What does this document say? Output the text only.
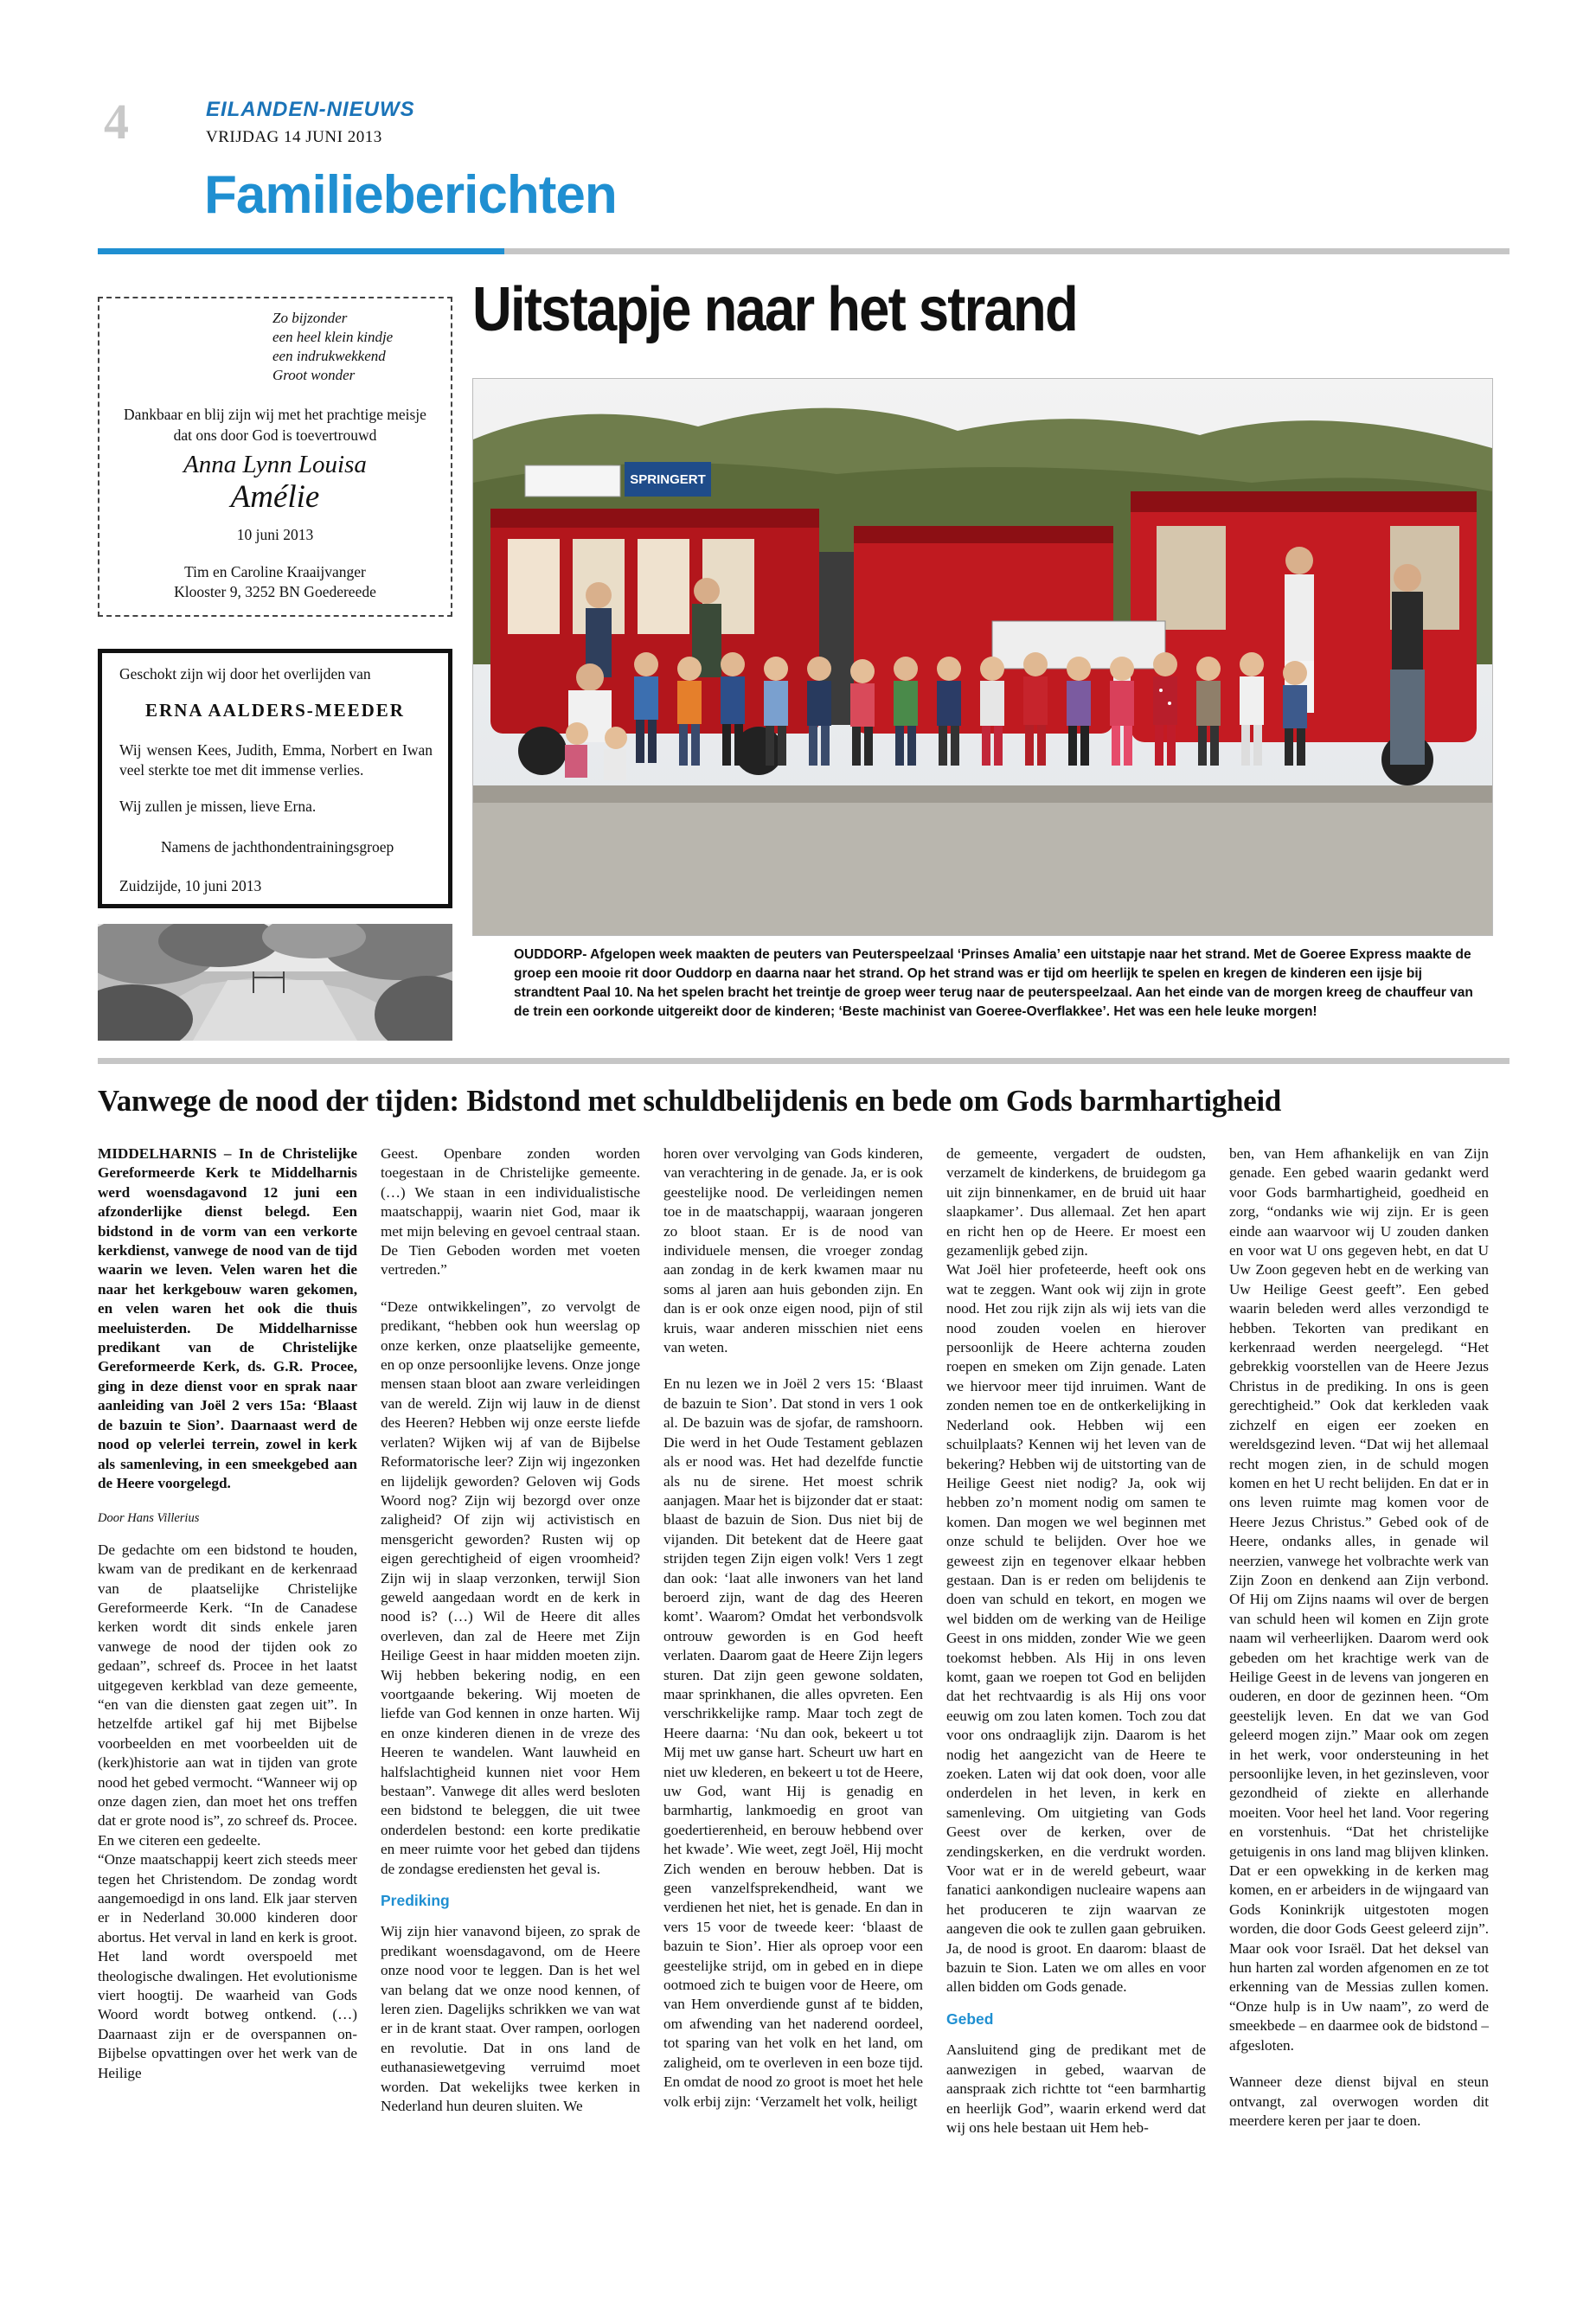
4	EILANDEN-NIEUWS
VRIJDAG 14 JUNI 2013
Familieberichten
Zo bijzonder
een heel klein kindje
een indrukwekkend
Groot wonder
Dankbaar en blij zijn wij met het prachtige meisje dat ons door God is toevertrouwd
Anna Lynn Louisa
Amélie
10 juni 2013
Tim en Caroline Kraaijvanger
Klooster 9, 3252 BN Goedereede

Geschokt zijn wij door het overlijden van

ERNA AALDERS-MEEDER

Wij wensen Kees, Judith, Emma, Norbert en Iwan veel sterkte toe met dit immense verlies.

Wij zullen je missen, lieve Erna.

Namens de jachthondentrainingsgroep

Zuidzijde, 10 juni 2013

Uitstapje naar het strand
SPRINGERT
OUDDORP- Afgelopen week maakten de peuters van Peuterspeelzaal ‘Prinses Amalia’ een uitstapje naar het strand. Met de Goeree Express maakte de groep een mooie rit door Ouddorp en daarna naar het strand. Op het strand was er tijd om heerlijk te spelen en kregen de kinderen een ijsje bij strandtent Paal 10. Na het spelen bracht het treintje de groep weer terug naar de peuterspeelzaal. Aan het einde van de morgen kreeg de chauffeur van de trein een oorkonde uitgereikt door de kinderen; ‘Beste machinist van Goeree-Overflakkee’. Het was een hele leuke morgen!
Vanwege de nood der tijden: Bidstond met schuldbelijdenis en bede om Gods barmhartigheid

MIDDELHARNIS – In de Christelijke Gereformeerde Kerk te Middelharnis werd woensdagavond 12 juni een afzonderlijke dienst belegd. Een bidstond in de vorm van een verkorte kerkdienst, vanwege de nood van de tijd waarin we leven. Velen waren het die naar het kerkgebouw waren gekomen, en velen waren het ook die thuis meeluisterden. De Middelharnisse predikant van de Christelijke Gereformeerde Kerk, ds. G.R. Procee, ging in deze dienst voor en sprak naar aanleiding van Joël 2 vers 15a: ‘Blaast de bazuin te Sion’. Daarnaast werd de nood op velerlei terrein, zowel in kerk als samenleving, in een smeekgebed aan de Heere voorgelegd.

Door Hans Villerius

De gedachte om een bidstond te houden, kwam van de predikant en de kerkenraad van de plaatselijke Christelijke Gereformeerde Kerk. “In de Canadese kerken wordt dit sinds enkele jaren vanwege de nood der tijden ook zo gedaan”, schreef ds. Procee in het laatst uitgegeven kerkblad van deze gemeente, “en van die diensten gaat zegen uit”. In hetzelfde artikel gaf hij met Bijbelse voorbeelden en met voorbeelden uit de (kerk)historie aan wat in tijden van grote nood het gebed vermocht. “Wanneer wij op onze dagen zien, dan moet het ons treffen dat er grote nood is”, zo schreef ds. Procee. En we citeren een gedeelte.

“Onze maatschappij keert zich steeds meer tegen het Christendom. De zondag wordt aangemoedigd in ons land. Elk jaar sterven er in Nederland 30.000 kinderen door abortus. Het verval in land en kerk is groot. Het land wordt overspoeld met theologische dwalingen. Het evolutionisme viert hoogtij. De waarheid van Gods Woord wordt botweg ontkend. (…) Daarnaast zijn er de overspannen on-Bijbelse opvattingen over het werk van de Heilige

Geest. Openbare zonden worden toegestaan in de Christelijke gemeente. (…) We staan in een individualistische maatschappij, waarin niet God, maar ik met mijn beleving en gevoel centraal staan. De Tien Geboden worden met voeten vertreden.”

“Deze ontwikkelingen”, zo vervolgt de predikant, “hebben ook hun weerslag op onze kerken, onze plaatselijke gemeente, en op onze persoonlijke levens. Onze jonge mensen staan bloot aan zware verleidingen van de wereld. Zijn wij lauw in de dienst des Heeren? Hebben wij onze eerste liefde verlaten? Wijken wij af van de Bijbelse Reformatorische leer? Zijn wij ingezonken en lijdelijk geworden? Geloven wij Gods Woord nog? Zijn wij bezorgd over onze zaligheid? Of zijn wij activistisch en mensgericht geworden? Rusten wij op eigen gerechtigheid of eigen vroomheid? Zijn wij in slaap verzonken, terwijl Sion geweld aangedaan wordt en de kerk in nood is? (…) Wil de Heere dit alles overleven, dan zal de Heere met Zijn Heilige Geest in haar midden moeten zijn. Wij hebben bekering nodig, en een voortgaande bekering. Wij moeten de liefde van God kennen in onze harten. Wij en onze kinderen dienen in de vreze des Heeren te wandelen. Want lauwheid en halfslachtigheid kunnen niet voor Hem bestaan”. Vanwege dit alles werd besloten een bidstond te beleggen, die uit twee onderdelen bestond: een korte predikatie en meer ruimte voor het gebed dan tijdens de zondagse erediensten het geval is.

Prediking

Wij zijn hier vanavond bijeen, zo sprak de predikant woensdagavond, om de Heere onze nood voor te leggen. Dan is het wel van belang dat we onze nood kennen, of leren zien. Dagelijks schrikken we van wat er in de krant staat. Over rampen, oorlogen en revolutie. Dat in ons land de euthanasiewetgeving verruimd moet worden. Dat wekelijks twee kerken in Nederland hun deuren sluiten. We

horen over vervolging van Gods kinderen, van verachtering in de genade. Ja, er is ook geestelijke nood. De verleidingen nemen toe in de maatschappij, waaraan jongeren zo bloot staan. Er is de nood van individuele mensen, die vroeger zondag aan zondag in de kerk kwamen maar nu soms al jaren aan huis gebonden zijn. En dan is er ook onze eigen nood, pijn of stil kruis, waar anderen misschien niet eens van weten.

En nu lezen we in Joël 2 vers 15: ‘Blaast de bazuin te Sion’. Dat stond in vers 1 ook al. De bazuin was de sjofar, de ramshoorn. Die werd in het Oude Testament geblazen als er nood was. Het had dezelfde functie als nu de sirene. Het moest schrik aanjagen. Maar het is bijzonder dat er staat: blaast de bazuin de Sion. Dus niet bij de vijanden. Dit betekent dat de Heere gaat strijden tegen Zijn eigen volk! Vers 1 zegt dan ook: ‘laat alle inwoners van het land beroerd zijn, want de dag des Heeren komt’. Waarom? Omdat het verbondsvolk ontrouw geworden is en God heeft verlaten. Daarom gaat de Heere Zijn legers sturen. Dat zijn geen gewone soldaten, maar sprinkhanen, die alles opvreten. Een verschrikkelijke ramp. Maar toch zegt de Heere daarna: ‘Nu dan ook, bekeert u tot Mij met uw ganse hart. Scheurt uw hart en niet uw klederen, en bekeert u tot de Heere, uw God, want Hij is genadig en barmhartig, lankmoedig en groot van goedertierenheid, en berouw hebbend over het kwade’. Wie weet, zegt Joël, Hij mocht Zich wenden en berouw hebben. Dat is geen vanzelfsprekendheid, want we verdienen het niet, het is genade. En dan in vers 15 voor de tweede keer: ‘blaast de bazuin te Sion’. Hier als oproep voor een geestelijke strijd, om in gebed en in diepe ootmoed zich te buigen voor de Heere, om van Hem onverdiende gunst af te bidden, om afwending van het naderend oordeel, tot sparing van het volk en het land, om zaligheid, om te overleven in een boze tijd. En omdat de nood zo groot is moet het hele volk erbij zijn: ‘Verzamelt het volk, heiligt

de gemeente, vergadert de oudsten, verzamelt de kinderkens, de bruidegom ga uit zijn binnenkamer, en de bruid uit haar slaapkamer’. Dus allemaal. Zet hen apart en richt hen op de Heere. Er moest een gezamenlijk gebed zijn.

Wat Joël hier profeteerde, heeft ook ons wat te zeggen. Want ook wij zijn in grote nood. Het zou rijk zijn als wij iets van die nood zouden voelen en hierover persoonlijk de Heere achterna zouden roepen en smeken om Zijn genade. Laten we hiervoor meer tijd inruimen. Want de zonden nemen toe en de ontkerkelijking in Nederland ook. Hebben wij een schuilplaats? Kennen wij het leven van de bekering? Hebben wij de uitstorting van de Heilige Geest niet nodig? Ja, ook wij hebben zo’n moment nodig om samen te komen. Dan mogen we wel beginnen met onze schuld te belijden. Over hoe we geweest zijn en tegenover elkaar hebben gestaan. Dan is er reden om belijdenis te doen van schuld en tekort, en mogen we wel bidden om de werking van de Heilige Geest in ons midden, zonder Wie we geen toekomst hebben. Als Hij in ons leven komt, gaan we roepen tot God en belijden dat het rechtvaardig is als Hij ons voor eeuwig om zou laten komen. Toch zou dat voor ons ondraaglijk zijn. Daarom is het nodig het aangezicht van de Heere te zoeken. Laten wij dat ook doen, voor alle onderdelen in het leven, in kerk en samenleving. Om uitgieting van Gods Geest over de kerken, over de zendingskerken, en die verdrukt worden. Voor wat er in de wereld gebeurt, waar fanatici aankondigen nucleaire wapens aan het produceren te zijn waarvan ze aangeven die ook te zullen gaan gebruiken. Ja, de nood is groot. En daarom: blaast de bazuin te Sion. Laten we om alles en voor allen bidden om Gods genade.

Gebed

Aansluitend ging de predikant met de aanwezigen in gebed, waarvan de aanspraak zich richtte tot “een barmhartig en heerlijk God”, waarin erkend werd dat wij ons hele bestaan uit Hem heb-

ben, van Hem afhankelijk en van Zijn genade. Een gebed waarin gedankt werd voor Gods barmhartigheid, goedheid en zorg, “ondanks wie wij zijn. Er is geen einde aan waarvoor wij U zouden danken en voor wat U ons gegeven hebt, en dat U Uw Zoon gegeven hebt en de werking van Uw Heilige Geest geeft”. Een gebed waarin beleden werd alles verzondigd te hebben. Tekorten van predikant en kerkenraad werden neergelegd. “Het gebrekkig voorstellen van de Heere Jezus Christus in de prediking. In ons is geen gerechtigheid.” Ook dat kerkleden vaak zichzelf en eigen eer zoeken en wereldsgezind leven. “Dat wij het allemaal recht mogen zien, in de schuld mogen komen en het U recht belijden. En dat er in ons leven ruimte mag komen voor de Heere Jezus Christus.” Gebed ook of de Heere, ondanks alles, in genade wil neerzien, vanwege het volbrachte werk van Zijn Zoon en denkend aan Zijn verbond. Of Hij om Zijns naams wil over de bergen van schuld heen wil komen en Zijn grote naam wil verheerlijken. Daarom werd ook gebeden om het krachtige werk van de Heilige Geest in de levens van jongeren en ouderen, en door de gezinnen heen. “Om geestelijk leven. En dat we van God geleerd mogen zijn.” Maar ook om zegen in het werk, voor ondersteuning in het persoonlijke leven, in het gezinsleven, voor gezondheid of ziekte en allerhande moeiten. Voor heel het land. Voor regering en vorstenhuis. “Dat het christelijke getuigenis in ons land mag blijven klinken. Dat er een opwekking in de kerken mag komen, en er arbeiders in de wijngaard van Gods Koninkrijk uitgestoten mogen worden, die door Gods Geest geleerd zijn”. Maar ook voor Israël. Dat het deksel van hun harten zal worden afgenomen en ze tot erkenning van de Messias zullen komen. “Onze hulp is in Uw naam”, zo werd de smeekbede – en daarmee ook de bidstond – afgesloten.

Wanneer deze dienst bijval en steun ontvangt, zal overwogen worden dit meerdere keren per jaar te doen.
